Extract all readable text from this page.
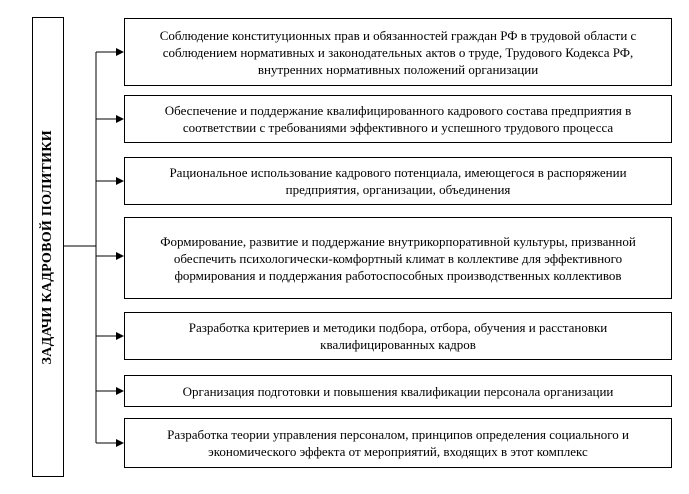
ЗАДАЧИ КАДРОВОЙ ПОЛИТИКИ
Соблюдение конституционных прав и обязанностей граждан РФ в трудовой области с соблюдением нормативных и законодательных актов о труде, Трудового Кодекса РФ, внутренних нормативных положений организации
Обеспечение и поддержание квалифицированного кадрового состава предприятия в соответствии с требованиями эффективного и успешного трудового процесса
Рациональное использование кадрового потенциала, имеющегося в распоряжении предприятия, организации, объединения
Формирование, развитие и поддержание внутрикорпоративной культуры, призванной обеспечить психологически-комфортный климат в коллективе для эффективного формирования и поддержания работоспособных производственных коллективов
Разработка критериев и методики подбора, отбора, обучения и расстановки квалифицированных кадров
Организация подготовки и повышения квалификации персонала организации
Разработка теории управления персоналом, принципов определения социального и экономического эффекта от мероприятий, входящих в этот комплекс
